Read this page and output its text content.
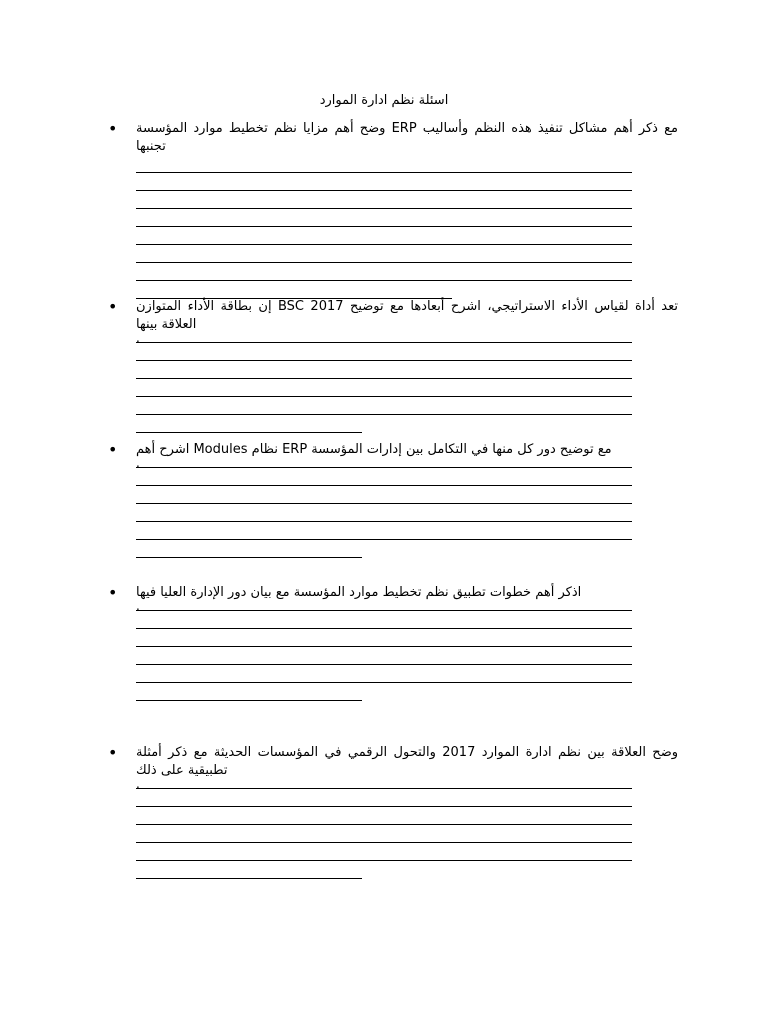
اسئلة نظم ادارة الموارد
•	وضح أهم مزايا نظم تخطيط موارد المؤسسة ERP مع ذكر أهم مشاكل تنفيذ هذه النظم وأساليب تجنبها
•	إن بطاقة الأداء المتوازن BSC 2017 تعد أداة لقياس الأداء الاستراتيجي، اشرح أبعادها مع توضيح العلاقة بينها
.
•	اشرح أهم Modules نظام ERP مع توضيح دور كل منها في التكامل بين إدارات المؤسسة
.
•	اذكر أهم خطوات تطبيق نظم تخطيط موارد المؤسسة مع بيان دور الإدارة العليا فيها
.
•	وضح العلاقة بين نظم ادارة الموارد 2017 والتحول الرقمي في المؤسسات الحديثة مع ذكر أمثلة تطبيقية على ذلك
.
